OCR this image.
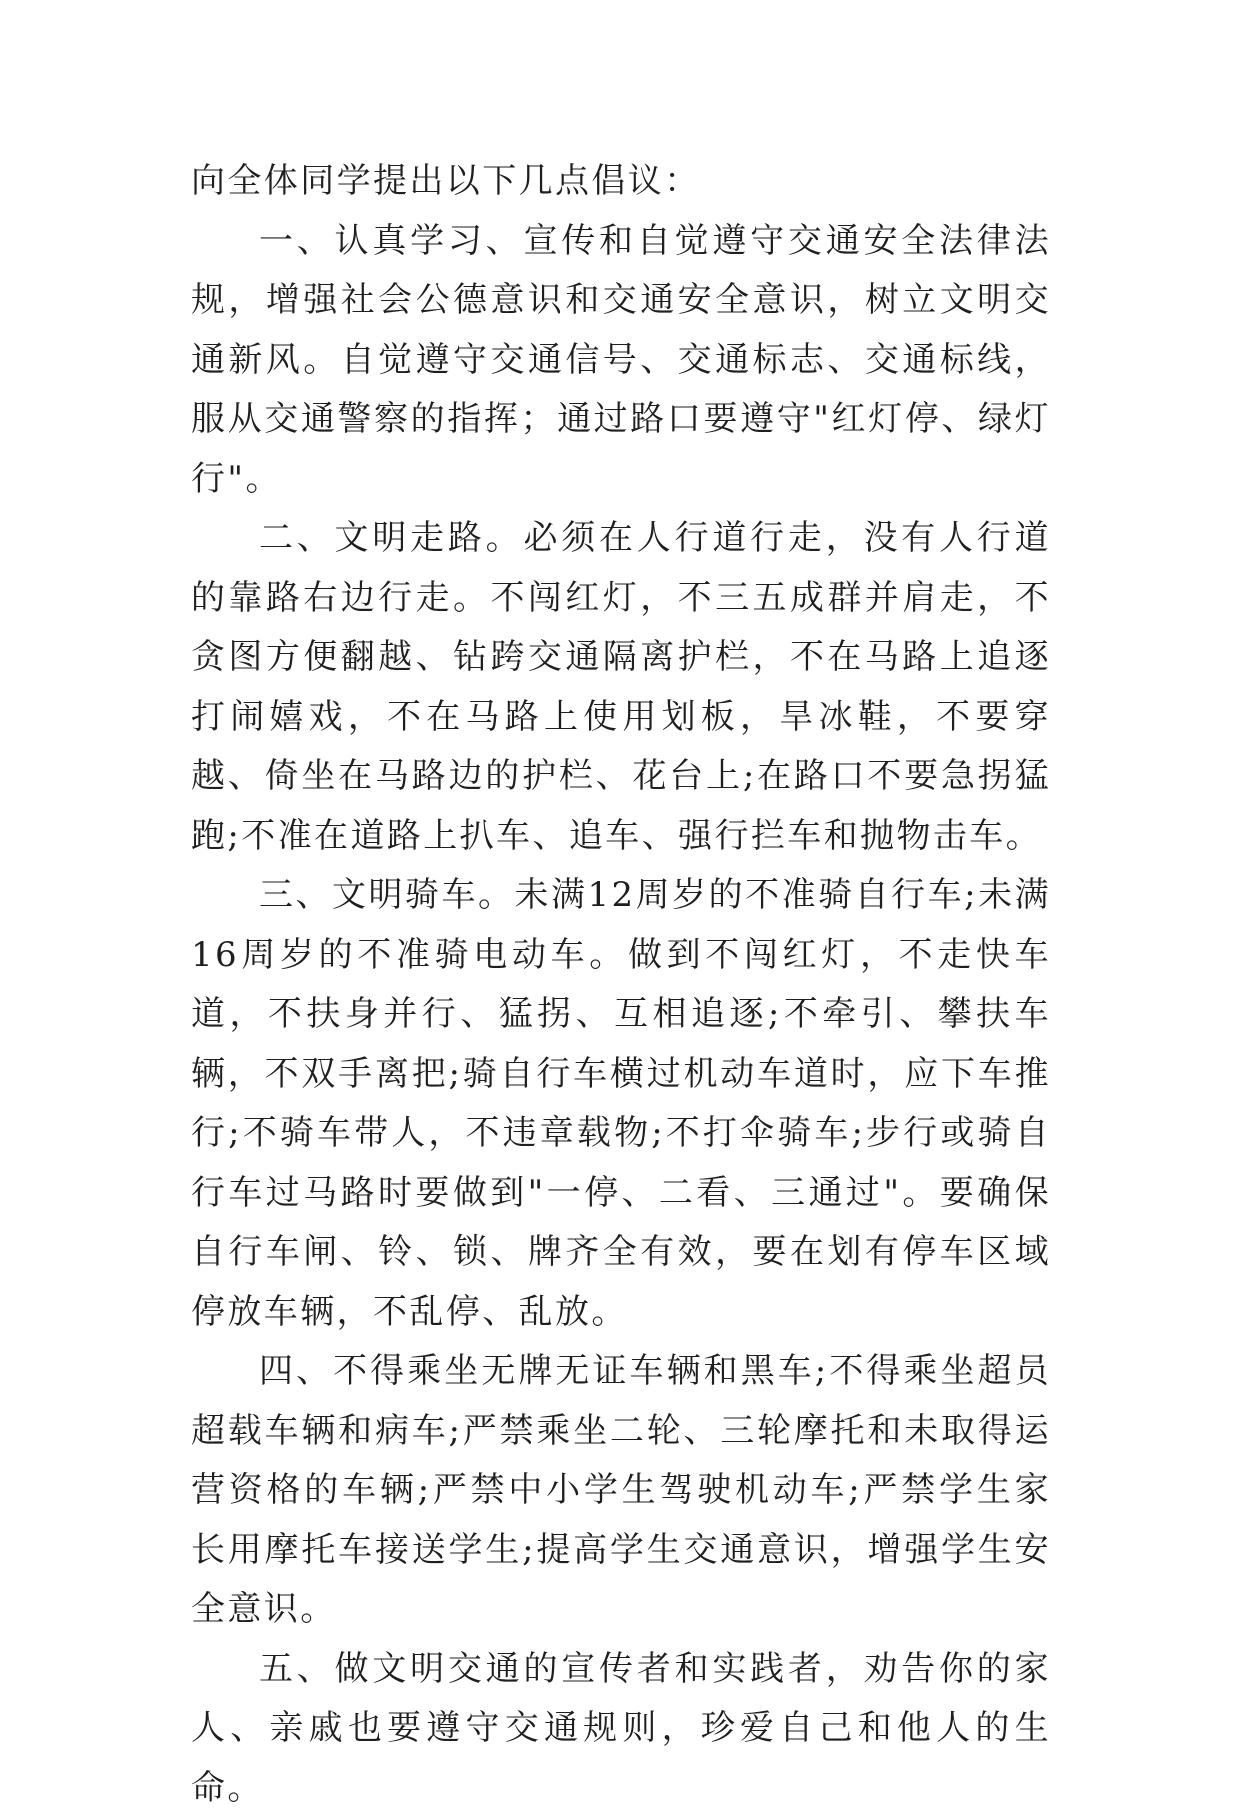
向全体同学提出以下几点倡议：

一、认真学习、宣传和自觉遵守交通安全法律法规，增强社会公德意识和交通安全意识，树立文明交通新风。自觉遵守交通信号、交通标志、交通标线，服从交通警察的指挥；通过路口要遵守"红灯停、绿灯行"。

二、文明走路。必须在人行道行走，没有人行道的靠路右边行走。不闯红灯，不三五成群并肩走，不贪图方便翻越、钻跨交通隔离护栏，不在马路上追逐打闹嬉戏，不在马路上使用划板，旱冰鞋，不要穿越、倚坐在马路边的护栏、花台上;在路口不要急拐猛跑;不准在道路上扒车、追车、强行拦车和抛物击车。

三、文明骑车。未满12周岁的不准骑自行车;未满16周岁的不准骑电动车。做到不闯红灯，不走快车道，不扶身并行、猛拐、互相追逐;不牵引、攀扶车辆，不双手离把;骑自行车横过机动车道时，应下车推行;不骑车带人，不违章载物;不打伞骑车;步行或骑自行车过马路时要做到"一停、二看、三通过"。要确保自行车闸、铃、锁、牌齐全有效，要在划有停车区域停放车辆，不乱停、乱放。

四、不得乘坐无牌无证车辆和黑车;不得乘坐超员超载车辆和病车;严禁乘坐二轮、三轮摩托和未取得运营资格的车辆;严禁中小学生驾驶机动车;严禁学生家长用摩托车接送学生;提高学生交通意识，增强学生安全意识。

五、做文明交通的宣传者和实践者，劝告你的家人、亲戚也要遵守交通规则，珍爱自己和他人的生命。
